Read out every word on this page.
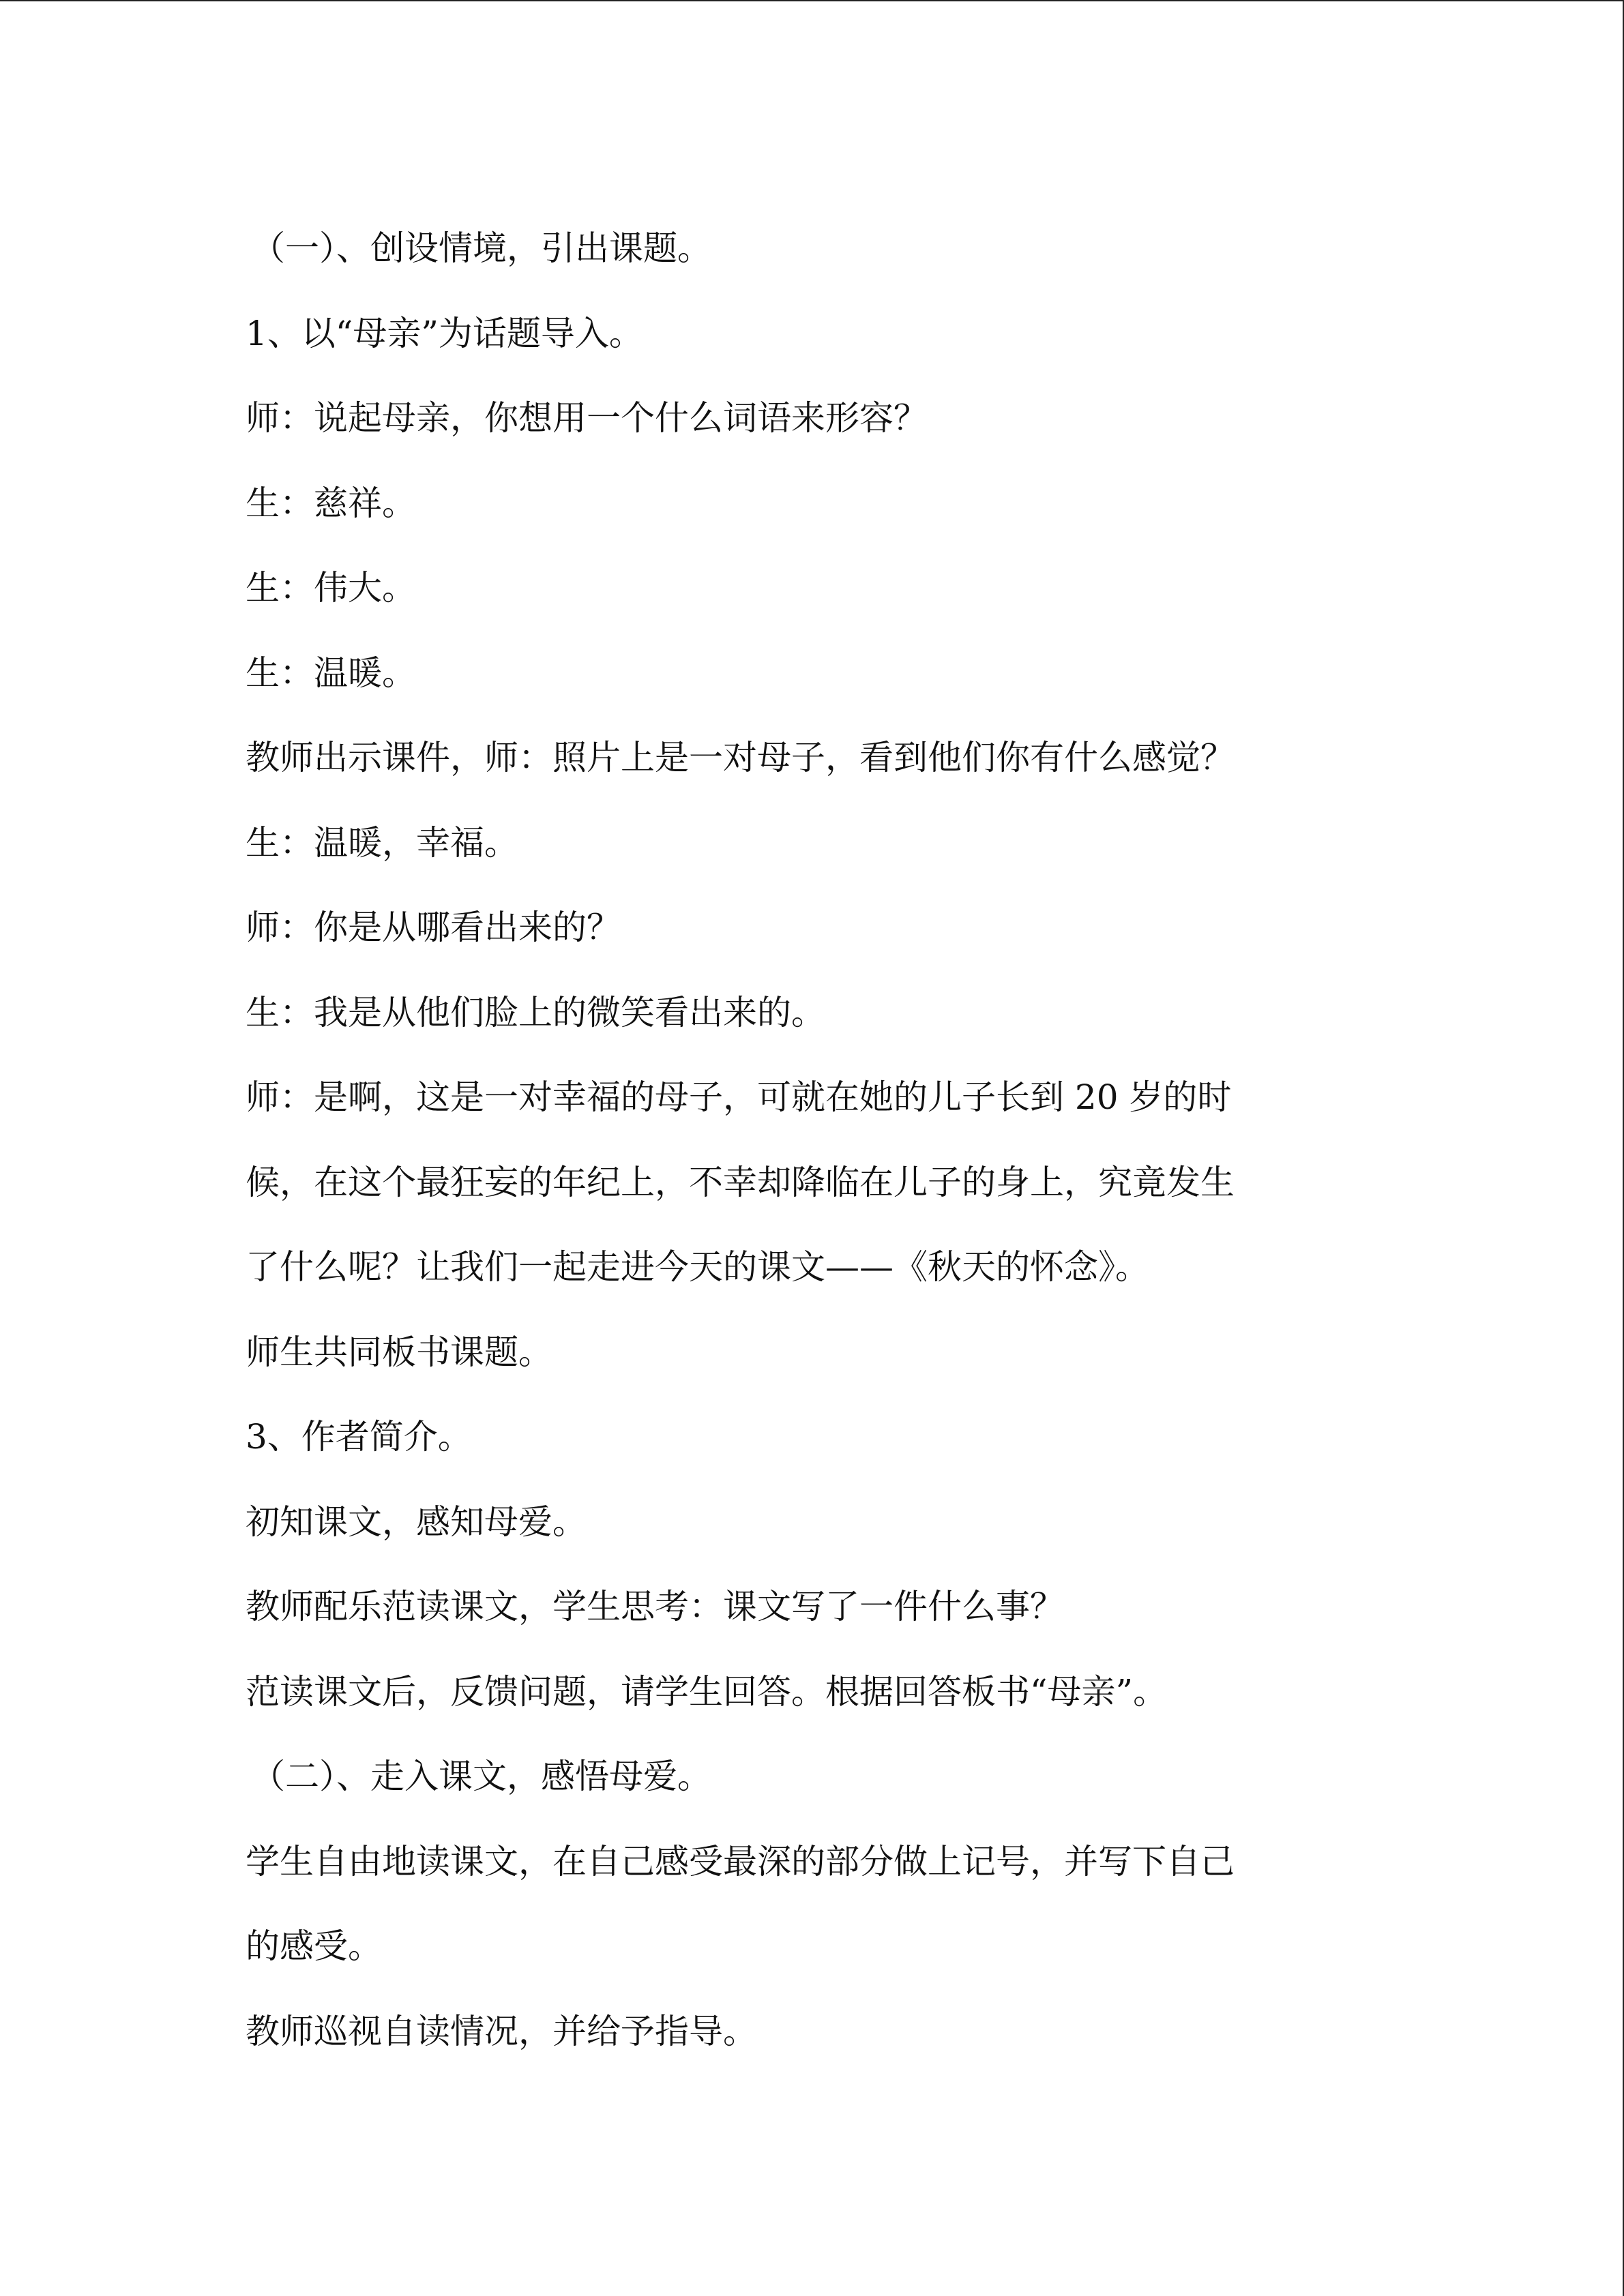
（一）、创设情境，引出课题。

1、以“母亲”为话题导入。

师：说起母亲，你想用一个什么词语来形容？

生：慈祥。

生：伟大。

生：温暖。

教师出示课件，师：照片上是一对母子，看到他们你有什么感觉？

生：温暖，幸福。

师：你是从哪看出来的？

生：我是从他们脸上的微笑看出来的。

师：是啊，这是一对幸福的母子，可就在她的儿子长到 20 岁的时

候，在这个最狂妄的年纪上，不幸却降临在儿子的身上，究竟发生

了什么呢？让我们一起走进今天的课文——《秋天的怀念》。

师生共同板书课题。

3、作者简介。

初知课文，感知母爱。

教师配乐范读课文，学生思考：课文写了一件什么事？

范读课文后，反馈问题，请学生回答。根据回答板书“母亲”。

（二）、走入课文，感悟母爱。

学生自由地读课文，在自己感受最深的部分做上记号，并写下自己

的感受。

教师巡视自读情况，并给予指导。
